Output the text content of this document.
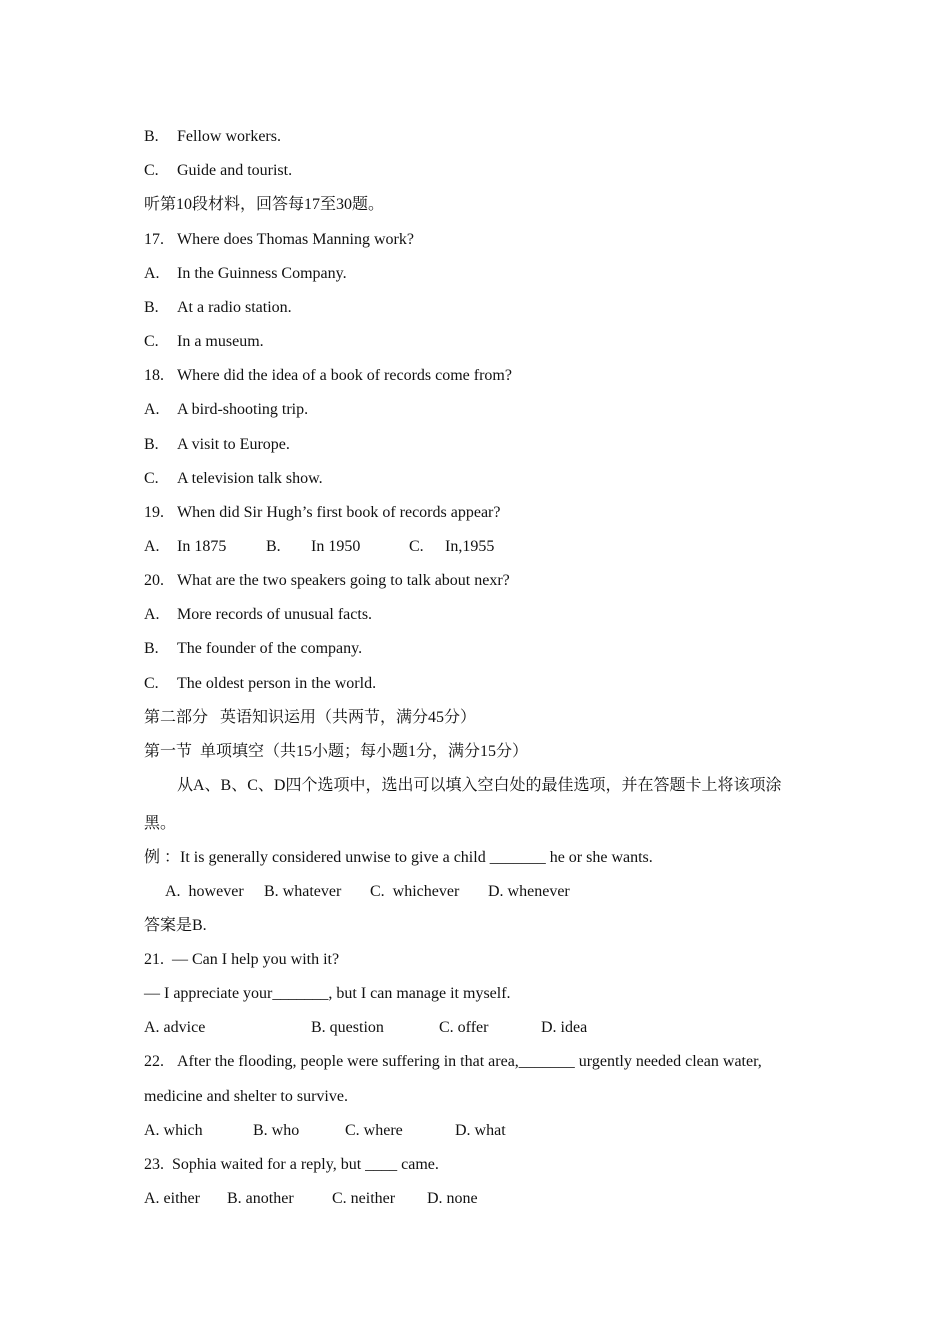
B. Fellow workers.
C. Guide and tourist.
听第10段材料，回答每17至30题。
17. Where does Thomas Manning work?
A. In the Guinness Company.
B. At a radio station.
C. In a museum.
18. Where did the idea of a book of records come from?
A. A bird-shooting trip.
B. A visit to Europe.
C. A television talk show.
19. When did Sir Hugh’s first book of records appear?
A. In 1875 B. In 1950	C. In,1955
20. What are the two speakers going to talk about nexr?
A. More records of unusual facts.
B. The founder of the company.
C. The oldest person in the world.
第二部分   英语知识运用（共两节，满分45分）
第一节  单项填空（共15小题；每小题1分，满分15分）
从A、B、C、D四个选项中，选出可以填入空白处的最佳选项，并在答题卡上将该项涂
黑。
例 ：It is generally considered unwise to give a child _______ he or she wants.
A.  however B. whatever C.  whichever D. whenever
答案是B.
21.  — Can I help you with it?
— I appreciate your_______, but I can manage it myself.
A. advice	B. question	C. offer	D. idea
22. After the flooding, people were suffering in that area,_______ urgently needed clean water,
medicine and shelter to survive.
A. which	B. who	C. where	D. what
23.  Sophia waited for a reply, but ____ came.
A. either B. another C. neither D. none
